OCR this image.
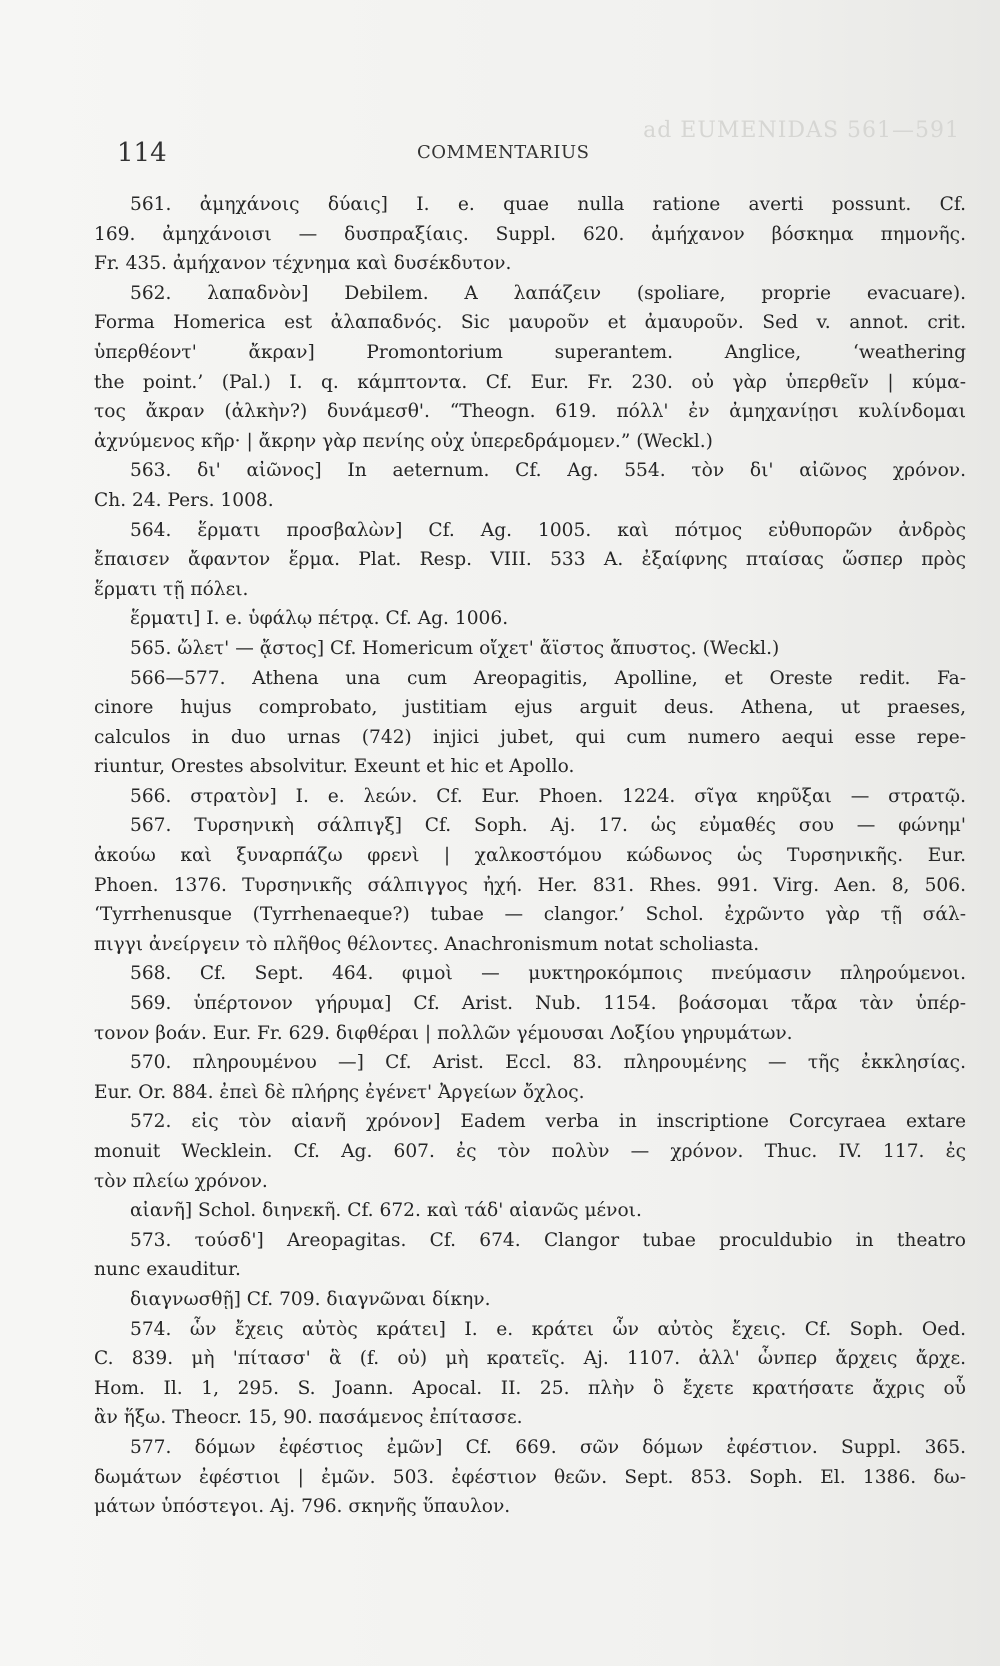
ad EUMENIDAS 561—591
114	COMMENTARIUS
561. ἀμηχάνοις δύαις] I. e. quae nulla ratione averti possunt. Cf.
169. ἀμηχάνοισι — δυσπραξίαις. Suppl. 620. ἀμήχανον βόσκημα πημονῆς.
Fr. 435. ἀμήχανον τέχνημα καὶ δυσέκδυτον.
562. λαπαδνὸν] Debilem. A λαπάζειν (spoliare, proprie evacuare).
Forma Homerica est ἀλαπαδνός. Sic μαυροῦν et ἀμαυροῦν. Sed v. annot. crit.
ὑπερθέοντ' ἄκραν] Promontorium superantem. Anglice, ‘weathering
the point.’ (Pal.) I. q. κάμπτοντα. Cf. Eur. Fr. 230. οὐ γὰρ ὑπερθεῖν | κύμα-
τος ἄκραν (ἀλκὴν?) δυνάμεσθ'. “Theogn. 619. πόλλ' ἐν ἀμηχανίῃσι κυλίνδομαι
ἀχνύμενος κῆρ· | ἄκρην γὰρ πενίης οὐχ ὑπερεδράμομεν.” (Weckl.)
563. δι' αἰῶνος] In aeternum. Cf. Ag. 554. τὸν δι' αἰῶνος χρόνον.
Ch. 24. Pers. 1008.
564. ἕρματι προσβαλὼν] Cf. Ag. 1005. καὶ πότμος εὐθυπορῶν ἀνδρὸς
ἔπαισεν ἄφαντον ἕρμα. Plat. Resp. VIII. 533 A. ἐξαίφνης πταίσας ὥσπερ πρὸς
ἕρματι τῇ πόλει.
ἕρματι] I. e. ὑφάλῳ πέτρᾳ. Cf. Ag. 1006.
565. ὤλετ' — ᾄστος] Cf. Homericum οἴχετ' ἄϊστος ἄπυστος. (Weckl.)
566—577. Athena una cum Areopagitis, Apolline, et Oreste redit. Fa-
cinore hujus comprobato, justitiam ejus arguit deus. Athena, ut praeses,
calculos in duo urnas (742) injici jubet, qui cum numero aequi esse repe-
riuntur, Orestes absolvitur. Exeunt et hic et Apollo.
566. στρατὸν] I. e. λεών. Cf. Eur. Phoen. 1224. σῖγα κηρῦξαι — στρατῷ.
567. Τυρσηνικὴ σάλπιγξ] Cf. Soph. Aj. 17. ὡς εὐμαθές σου — φώνημ'
ἀκούω καὶ ξυναρπάζω φρενὶ | χαλκοστόμου κώδωνος ὡς Τυρσηνικῆς. Eur.
Phoen. 1376. Τυρσηνικῆς σάλπιγγος ἠχή. Her. 831. Rhes. 991. Virg. Aen. 8, 506.
‘Tyrrhenusque (Tyrrhenaeque?) tubae — clangor.’ Schol. ἐχρῶντο γὰρ τῇ σάλ-
πιγγι ἀνείργειν τὸ πλῆθος θέλοντες. Anachronismum notat scholiasta.
568. Cf. Sept. 464. φιμοὶ — μυκτηροκόμποις πνεύμασιν πληρούμενοι.
569. ὑπέρτονον γήρυμα] Cf. Arist. Nub. 1154. βοάσομαι τἄρα τὰν ὑπέρ-
τονον βοάν. Eur. Fr. 629. διφθέραι | πολλῶν γέμουσαι Λοξίου γηρυμάτων.
570. πληρουμένου —] Cf. Arist. Eccl. 83. πληρουμένης — τῆς ἐκκλησίας.
Eur. Or. 884. ἐπεὶ δὲ πλήρης ἐγένετ' Ἀργείων ὄχλος.
572. εἰς τὸν αἰανῆ χρόνον] Eadem verba in inscriptione Corcyraea extare
monuit Wecklein. Cf. Ag. 607. ἐς τὸν πολὺν — χρόνον. Thuc. IV. 117. ἐς
τὸν πλείω χρόνον.
αἰανῆ] Schol. διηνεκῆ. Cf. 672. καὶ τάδ' αἰανῶς μένοι.
573. τούσδ'] Areopagitas. Cf. 674. Clangor tubae proculdubio in theatro
nunc exauditur.
διαγνωσθῇ] Cf. 709. διαγνῶναι δίκην.
574. ὧν ἔχεις αὐτὸς κράτει] I. e. κράτει ὧν αὐτὸς ἔχεις. Cf. Soph. Oed.
C. 839. μὴ 'πίτασσ' ἃ (f. οὐ) μὴ κρατεῖς. Aj. 1107. ἀλλ' ὧνπερ ἄρχεις ἄρχε.
Hom. Il. 1, 295. S. Joann. Apocal. II. 25. πλὴν ὃ ἔχετε κρατήσατε ἄχρις οὗ
ἂν ἥξω. Theocr. 15, 90. πασάμενος ἐπίτασσε.
577. δόμων ἐφέστιος ἐμῶν] Cf. 669. σῶν δόμων ἐφέστιον. Suppl. 365.
δωμάτων ἐφέστιοι | ἐμῶν. 503. ἐφέστιον θεῶν. Sept. 853. Soph. El. 1386. δω-
μάτων ὑπόστεγοι. Aj. 796. σκηνῆς ὕπαυλον.
